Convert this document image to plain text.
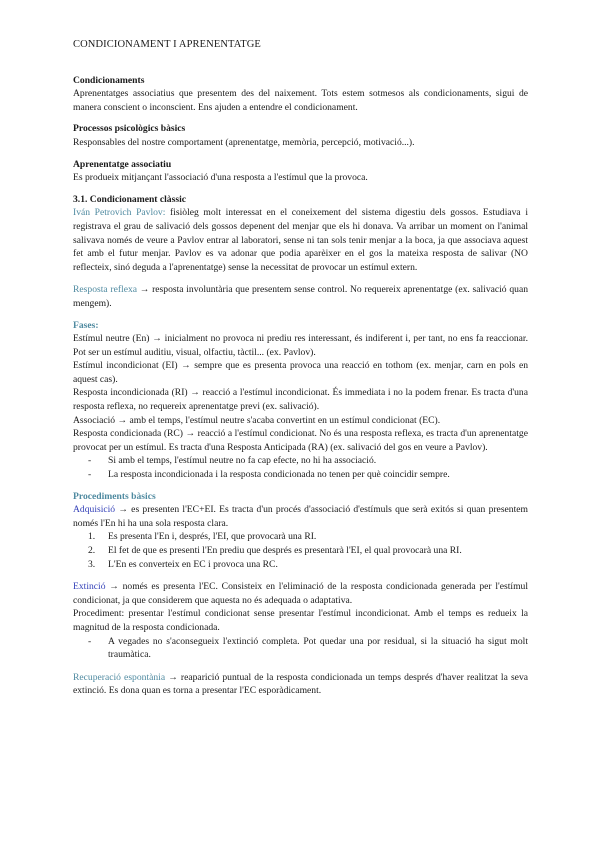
CONDICIONAMENT I APRENENTATGE
Condicionaments

Aprenentatges associatius que presentem des del naixement. Tots estem sotmesos als condicionaments, sigui de manera conscient o inconscient. Ens ajuden a entendre el condicionament.

Processos psicològics bàsics

Responsables del nostre comportament (aprenentatge, memòria, percepció, motivació...).

Aprenentatge associatiu

Es produeix mitjançant l'associació d'una resposta a l'estímul que la provoca.

3.1. Condicionament clàssic

Iván Petrovich Pavlov: fisiòleg molt interessat en el coneixement del sistema digestiu dels gossos. Estudiava i registrava el grau de salivació dels gossos depenent del menjar que els hi donava. Va arribar un moment on l'animal salivava només de veure a Pavlov entrar al laboratori, sense ni tan sols tenir menjar a la boca, ja que associava aquest fet amb el futur menjar. Pavlov es va adonar que podia aparèixer en el gos la mateixa resposta de salivar (NO reflecteix, sinó deguda a l'aprenentatge) sense la necessitat de provocar un estímul extern.

Resposta reflexa → resposta involuntària que presentem sense control. No requereix aprenentatge (ex. salivació quan mengem).

Fases:

Estímul neutre (En) → inicialment no provoca ni prediu res interessant, és indiferent i, per tant, no ens fa reaccionar. Pot ser un estímul auditiu, visual, olfactiu, tàctil... (ex. Pavlov).

Estímul incondicionat (EI) → sempre que es presenta provoca una reacció en tothom (ex. menjar, carn en pols en aquest cas).

Resposta incondicionada (RI) → reacció a l'estímul incondicionat. És immediata i no la podem frenar. Es tracta d'una resposta reflexa, no requereix aprenentatge previ (ex. salivació).

Associació → amb el temps, l'estímul neutre s'acaba convertint en un estímul condicionat (EC).

Resposta condicionada (RC) → reacció a l'estímul condicionat. No és una resposta reflexa, es tracta d'un aprenentatge provocat per un estímul. Es tracta d'una Resposta Anticipada (RA) (ex. salivació del gos en veure a Pavlov).

- Si amb el temps, l'estímul neutre no fa cap efecte, no hi ha associació.
- La resposta incondicionada i la resposta condicionada no tenen per què coincidir sempre.
Procediments bàsics

Adquisició → es presenten l'EC+EI. Es tracta d'un procés d'associació d'estímuls que serà exitós si quan presentem només l'En hi ha una sola resposta clara.

1. Es presenta l'En i, després, l'EI, que provocarà una RI.
2. El fet de que es presenti l'En prediu que després es presentarà l'EI, el qual provocarà una RI.
3. L'En es converteix en EC i provoca una RC.

Extinció → només es presenta l'EC. Consisteix en l'eliminació de la resposta condicionada generada per l'estímul condicionat, ja que considerem que aquesta no és adequada o adaptativa.

Procediment: presentar l'estímul condicionat sense presentar l'estímul incondicionat. Amb el temps es redueix la magnitud de la resposta condicionada.

- A vegades no s'aconsegueix l'extinció completa. Pot quedar una por residual, si la situació ha sigut molt traumàtica.

Recuperació espontània → reaparició puntual de la resposta condicionada un temps després d'haver realitzat la seva extinció. Es dona quan es torna a presentar l'EC esporàdicament.
